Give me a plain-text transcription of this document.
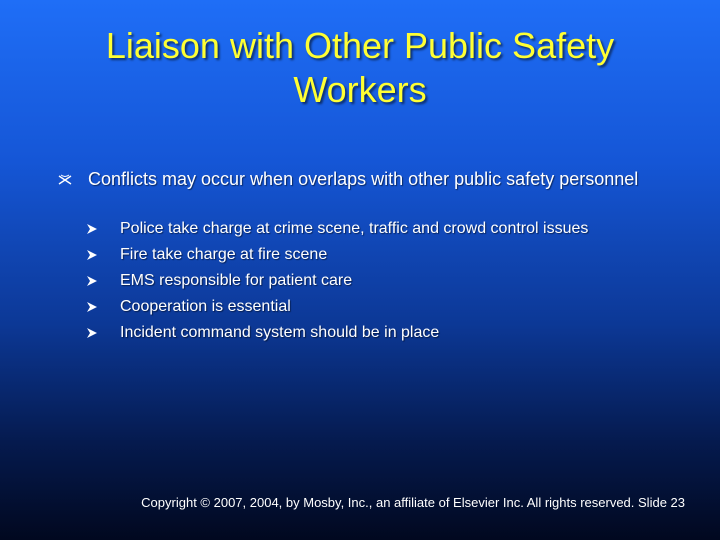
Liaison with Other Public Safety
Workers
Conflicts may occur when overlaps with other public safety personnel
Police take charge at crime scene, traffic and crowd control issues
Fire take charge at fire scene
EMS responsible for patient care
Cooperation is essential
Incident command system should be in place
Copyright © 2007, 2004, by Mosby, Inc., an affiliate of Elsevier Inc. All rights reserved. Slide 23
